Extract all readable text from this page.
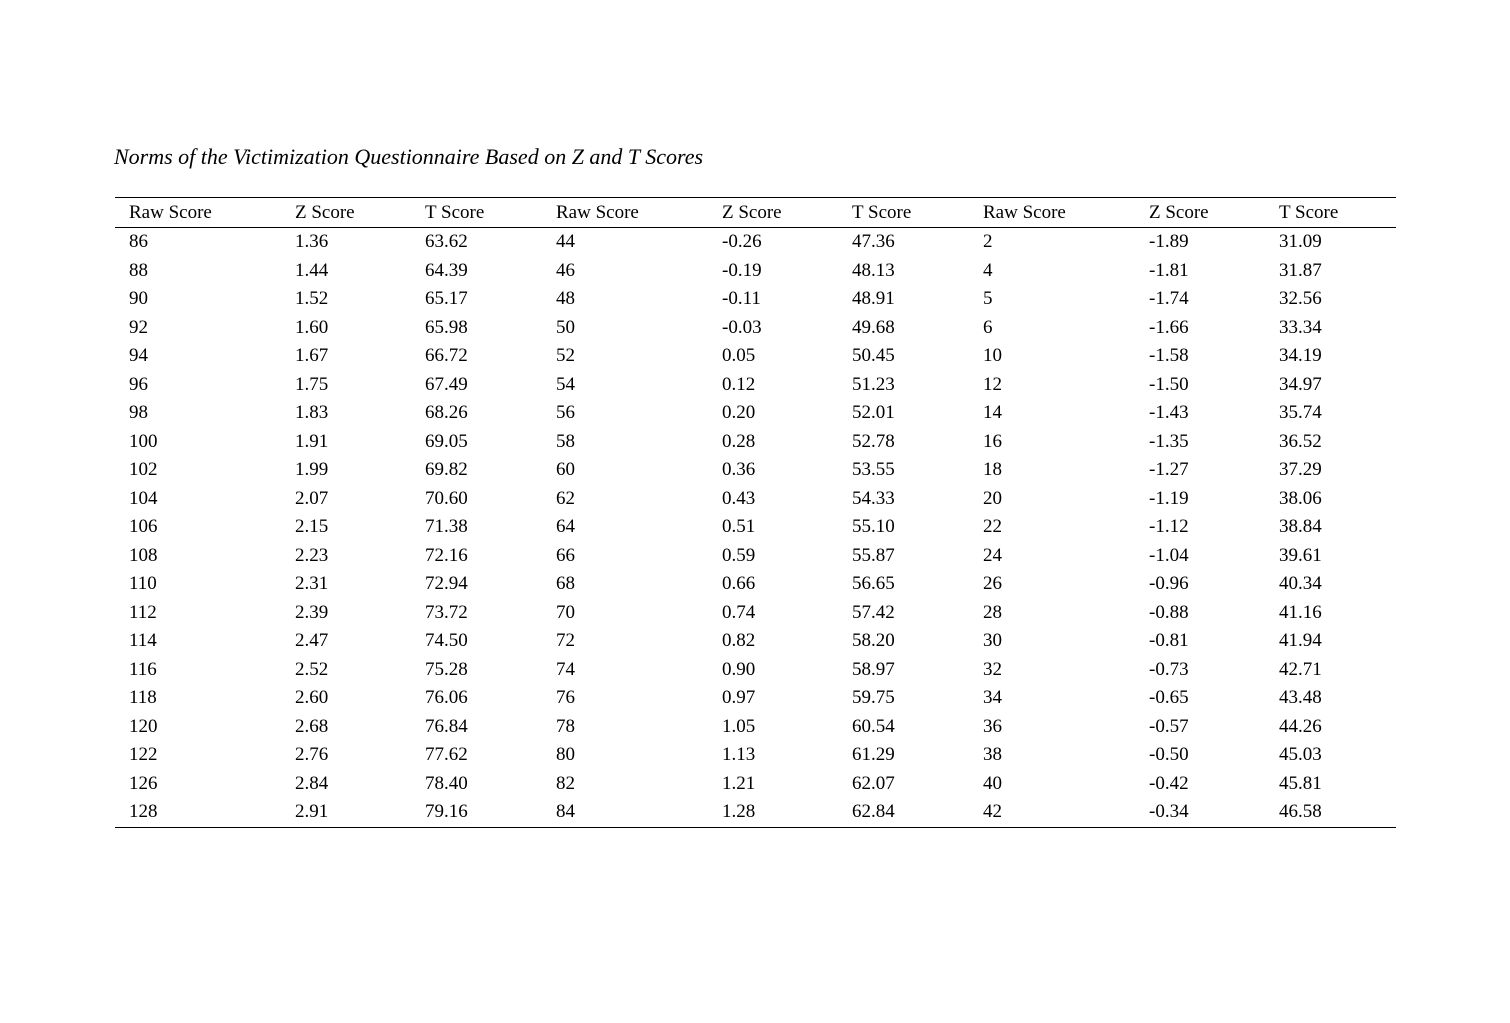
Norms of the Victimization Questionnaire Based on Z and T Scores
Raw Score	Z Score	T Score	Raw Score	Z Score	T Score	Raw Score	Z Score	T Score
86	1.36	63.62	44	-0.26	47.36	2	-1.89	31.09
88	1.44	64.39	46	-0.19	48.13	4	-1.81	31.87
90	1.52	65.17	48	-0.11	48.91	5	-1.74	32.56
92	1.60	65.98	50	-0.03	49.68	6	-1.66	33.34
94	1.67	66.72	52	0.05	50.45	10	-1.58	34.19
96	1.75	67.49	54	0.12	51.23	12	-1.50	34.97
98	1.83	68.26	56	0.20	52.01	14	-1.43	35.74
100	1.91	69.05	58	0.28	52.78	16	-1.35	36.52
102	1.99	69.82	60	0.36	53.55	18	-1.27	37.29
104	2.07	70.60	62	0.43	54.33	20	-1.19	38.06
106	2.15	71.38	64	0.51	55.10	22	-1.12	38.84
108	2.23	72.16	66	0.59	55.87	24	-1.04	39.61
110	2.31	72.94	68	0.66	56.65	26	-0.96	40.34
112	2.39	73.72	70	0.74	57.42	28	-0.88	41.16
114	2.47	74.50	72	0.82	58.20	30	-0.81	41.94
116	2.52	75.28	74	0.90	58.97	32	-0.73	42.71
118	2.60	76.06	76	0.97	59.75	34	-0.65	43.48
120	2.68	76.84	78	1.05	60.54	36	-0.57	44.26
122	2.76	77.62	80	1.13	61.29	38	-0.50	45.03
126	2.84	78.40	82	1.21	62.07	40	-0.42	45.81
128	2.91	79.16	84	1.28	62.84	42	-0.34	46.58
